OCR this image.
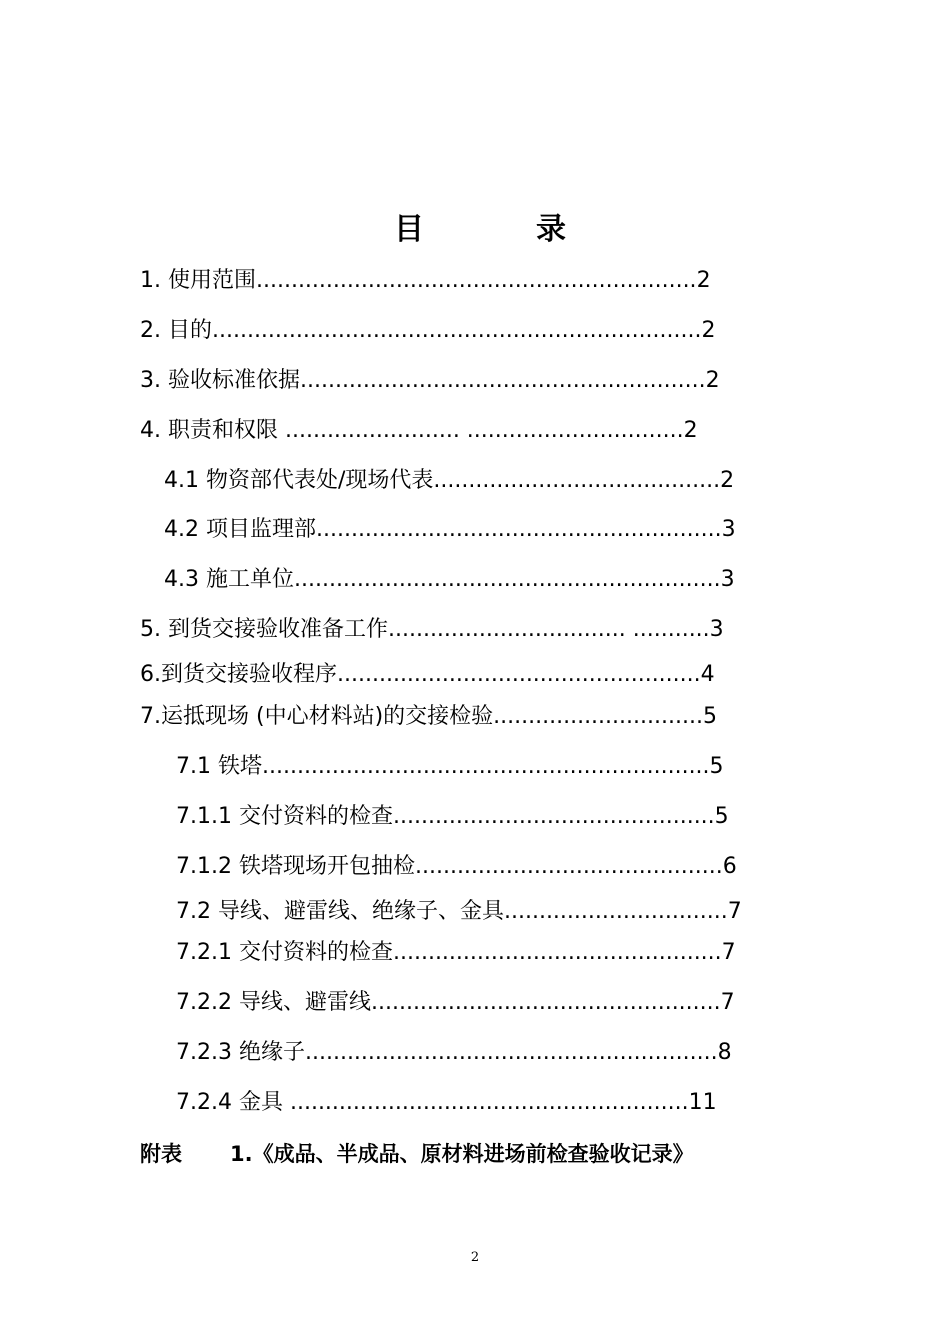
目	录
1. 使用范围...............................................................2
2. 目的......................................................................2
3. 验收标准依据..........................................................2
4. 职责和权限 ......................... ...............................2
4.1 物资部代表处/现场代表.........................................2
4.2 项目监理部..........................................................3
4.3 施工单位.............................................................3
5. 到货交接验收准备工作.................................. ...........3
6.到货交接验收程序....................................................4
7.运抵现场 (中心材料站)的交接检验..............................5
7.1 铁塔................................................................5
7.1.1 交付资料的检查..............................................5
7.1.2 铁塔现场开包抽检............................................6
7.2 导线、避雷线、绝缘子、金具................................7
7.2.1 交付资料的检查...............................................7
7.2.2 导线、避雷线..................................................7
7.2.3 绝缘子...........................................................8
7.2.4 金具 .........................................................11
附表 1.《成品、半成品、原材料进场前检查验收记录》
2
